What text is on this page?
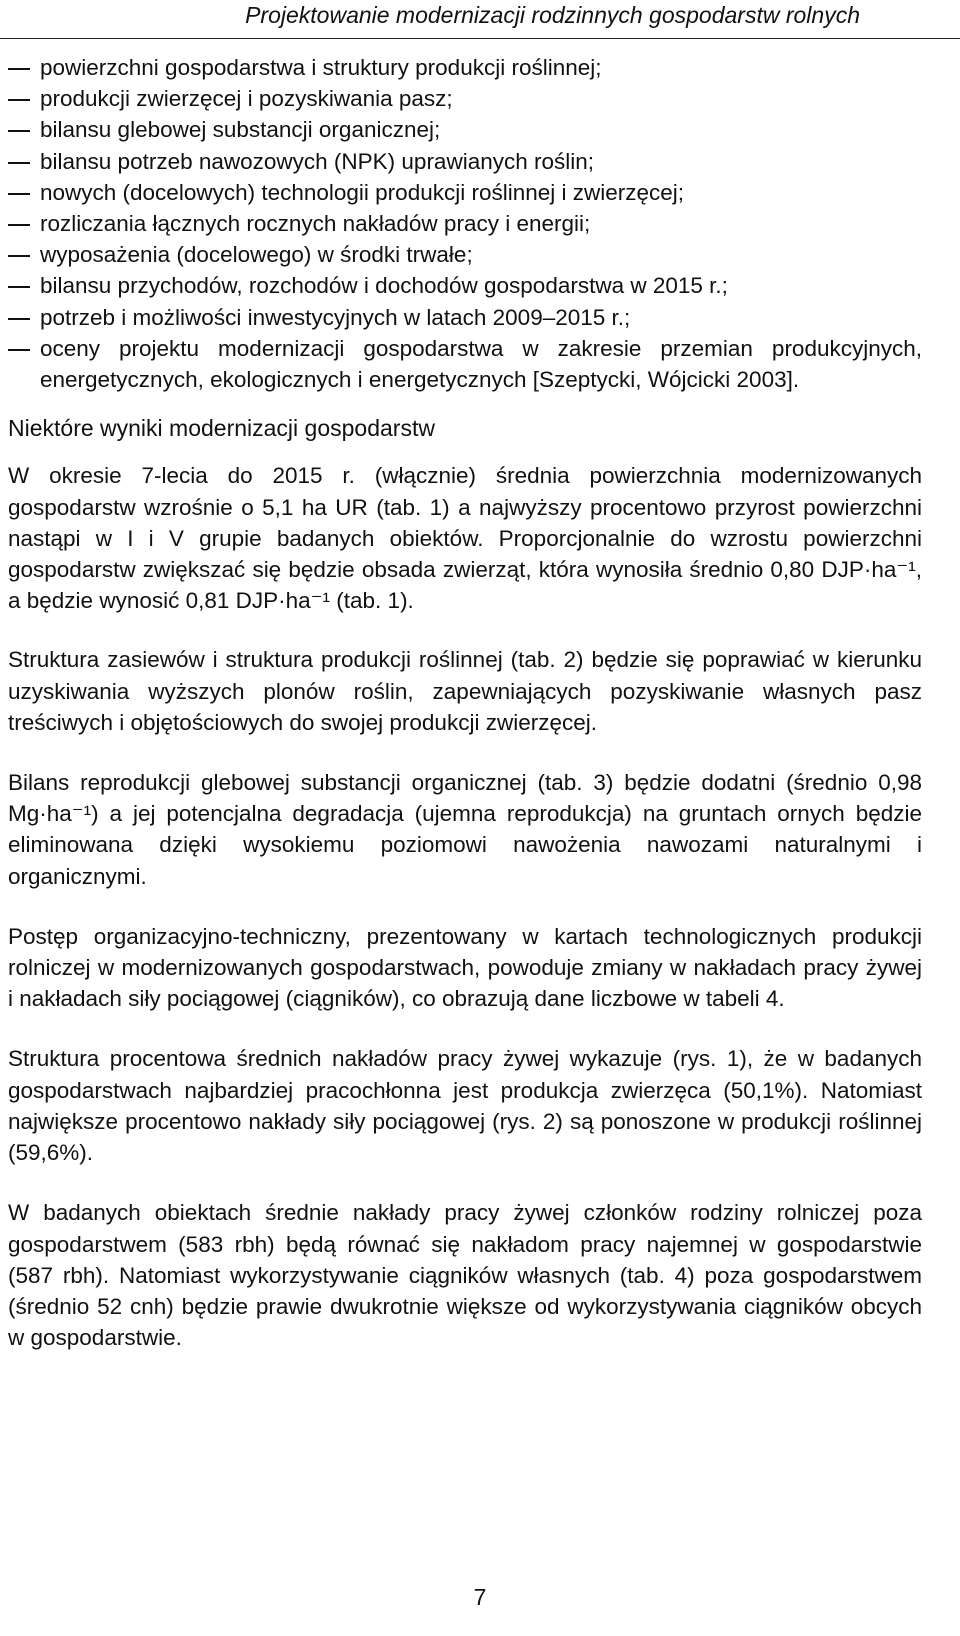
Projektowanie modernizacji rodzinnych gospodarstw rolnych
powierzchni gospodarstwa i struktury produkcji roślinnej;
produkcji zwierzęcej i pozyskiwania pasz;
bilansu glebowej substancji organicznej;
bilansu potrzeb nawozowych (NPK) uprawianych roślin;
nowych (docelowych) technologii produkcji roślinnej i zwierzęcej;
rozliczania łącznych rocznych nakładów pracy i energii;
wyposażenia (docelowego) w środki trwałe;
bilansu przychodów, rozchodów i dochodów gospodarstwa w 2015 r.;
potrzeb i możliwości inwestycyjnych w latach 2009–2015 r.;
oceny projektu modernizacji gospodarstwa w zakresie przemian produkcyjnych, energetycznych, ekologicznych i energetycznych [Szeptycki, Wójcicki 2003].
Niektóre wyniki modernizacji gospodarstw

W okresie 7-lecia do 2015 r. (włącznie) średnia powierzchnia modernizowanych gospodarstw wzrośnie o 5,1 ha UR (tab. 1) a najwyższy procentowo przyrost powierzchni nastąpi w I i V grupie badanych obiektów. Proporcjonalnie do wzrostu powierzchni gospodarstw zwiększać się będzie obsada zwierząt, która wynosiła średnio 0,80 DJP·ha⁻¹, a będzie wynosić 0,81 DJP·ha⁻¹ (tab. 1).

Struktura zasiewów i struktura produkcji roślinnej (tab. 2) będzie się poprawiać w kierunku uzyskiwania wyższych plonów roślin, zapewniających pozyskiwanie własnych pasz treściwych i objętościowych do swojej produkcji zwierzęcej.

Bilans reprodukcji glebowej substancji organicznej (tab. 3) będzie dodatni (średnio 0,98 Mg·ha⁻¹) a jej potencjalna degradacja (ujemna reprodukcja) na gruntach ornych będzie eliminowana dzięki wysokiemu poziomowi nawożenia nawozami naturalnymi i organicznymi.

Postęp organizacyjno-techniczny, prezentowany w kartach technologicznych produkcji rolniczej w modernizowanych gospodarstwach, powoduje zmiany w nakładach pracy żywej i nakładach siły pociągowej (ciągników), co obrazują dane liczbowe w tabeli 4.

Struktura procentowa średnich nakładów pracy żywej wykazuje (rys. 1), że w badanych gospodarstwach najbardziej pracochłonna jest produkcja zwierzęca (50,1%). Natomiast największe procentowo nakłady siły pociągowej (rys. 2) są ponoszone w produkcji roślinnej (59,6%).

W badanych obiektach średnie nakłady pracy żywej członków rodziny rolniczej poza gospodarstwem (583 rbh) będą równać się nakładom pracy najemnej w gospodarstwie (587 rbh). Natomiast wykorzystywanie ciągników własnych (tab. 4) poza gospodarstwem (średnio 52 cnh) będzie prawie dwukrotnie większe od wykorzystywania ciągników obcych w gospodarstwie.

7
